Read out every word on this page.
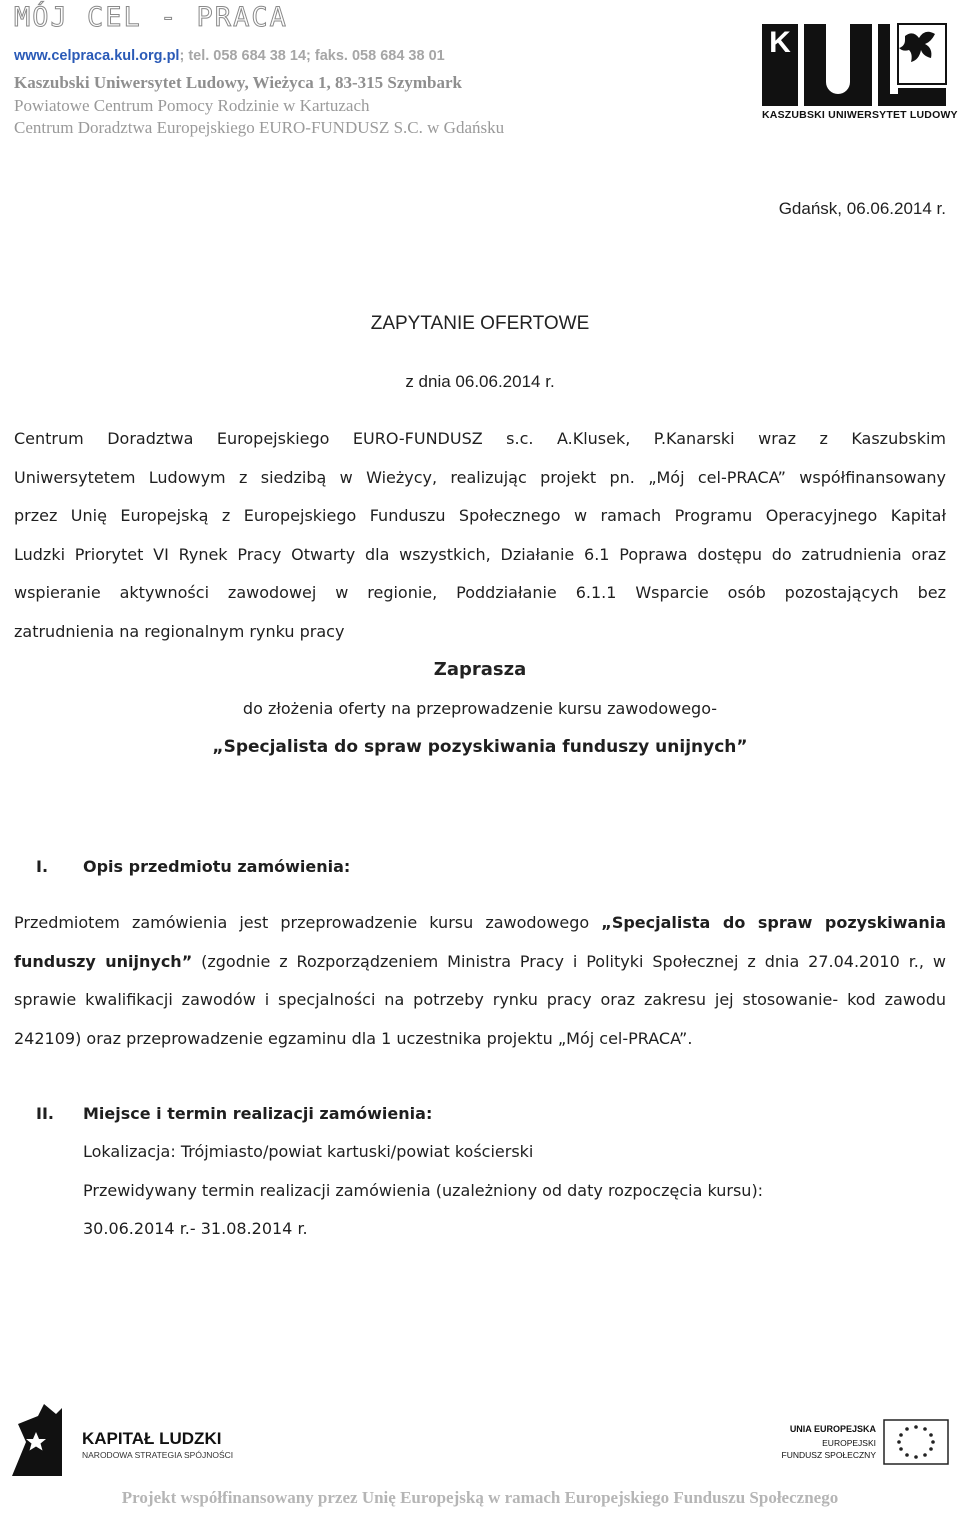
MÓJ CEL - PRACA
www.celpraca.kul.org.pl; tel. 058 684 38 14; faks. 058 684 38 01
Kaszubski Uniwersytet Ludowy, Wieżyca 1, 83-315 Szymbark
Powiatowe Centrum Pomocy Rodzinie w Kartuzach
Centrum Doradztwa Europejskiego EURO-FUNDUSZ S.C. w Gdańsku
K
KASZUBSKI UNIWERSYTET LUDOWY
Gdańsk, 06.06.2014 r.
ZAPYTANIE OFERTOWE
z dnia 06.06.2014 r.
Centrum Doradztwa Europejskiego EURO-FUNDUSZ s.c. A.Klusek, P.Kanarski wraz z Kaszubskim
Uniwersytetem Ludowym z siedzibą w Wieżycy, realizując projekt pn. „Mój cel-PRACA” współfinansowany
przez Unię Europejską z Europejskiego Funduszu Społecznego w ramach Programu Operacyjnego Kapitał
Ludzki Priorytet VI Rynek Pracy Otwarty dla wszystkich, Działanie 6.1 Poprawa dostępu do zatrudnienia oraz
wspieranie aktywności zawodowej w regionie, Poddziałanie 6.1.1 Wsparcie osób pozostających bez
zatrudnienia na regionalnym rynku pracy
Zaprasza
do złożenia oferty na przeprowadzenie kursu zawodowego-
„Specjalista do spraw pozyskiwania funduszy unijnych”
I. Opis przedmiotu zamówienia:
Przedmiotem zamówienia jest przeprowadzenie kursu zawodowego „Specjalista do spraw pozyskiwania
funduszy unijnych” (zgodnie z Rozporządzeniem Ministra Pracy i Polityki Społecznej z dnia 27.04.2010 r., w
sprawie kwalifikacji zawodów i specjalności na potrzeby rynku pracy oraz zakresu jej stosowanie- kod zawodu
242109) oraz przeprowadzenie egzaminu dla 1 uczestnika projektu „Mój cel-PRACA”.
II. Miejsce i termin realizacji zamówienia:
Lokalizacja: Trójmiasto/powiat kartuski/powiat kościerski
Przewidywany termin realizacji zamówienia (uzależniony od daty rozpoczęcia kursu):
30.06.2014 r.- 31.08.2014 r.
KAPITAŁ LUDZKI
NARODOWA STRATEGIA SPÓJNOŚCI
UNIA EUROPEJSKA
EUROPEJSKI
FUNDUSZ SPOŁECZNY
Projekt współfinansowany przez Unię Europejską w ramach Europejskiego Funduszu Społecznego
